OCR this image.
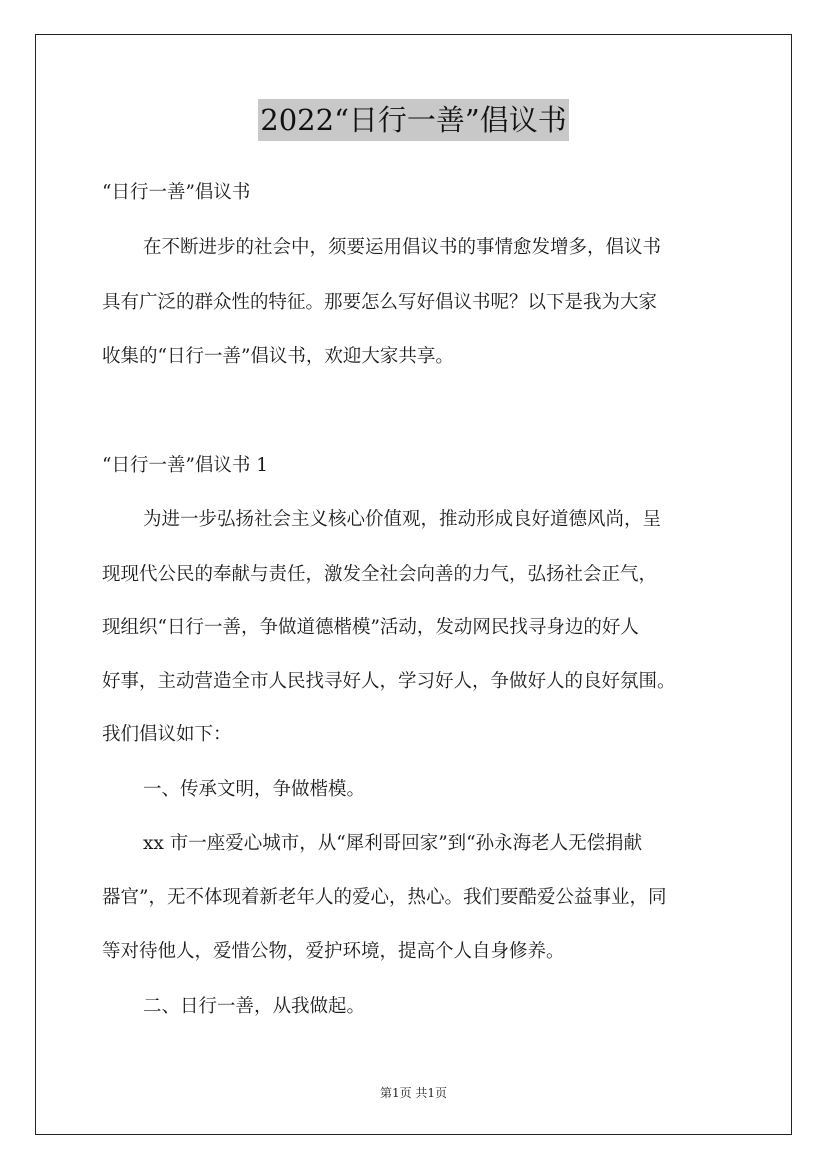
2022“日行一善”倡议书
“日行一善”倡议书
在不断进步的社会中，须要运用倡议书的事情愈发增多，倡议书
具有广泛的群众性的特征。那要怎么写好倡议书呢？以下是我为大家
收集的“日行一善”倡议书，欢迎大家共享。
“日行一善”倡议书 1
为进一步弘扬社会主义核心价值观，推动形成良好道德风尚，呈
现现代公民的奉献与责任，激发全社会向善的力气，弘扬社会正气，
现组织“日行一善，争做道德楷模”活动，发动网民找寻身边的好人
好事，主动营造全市人民找寻好人，学习好人，争做好人的良好氛围。
我们倡议如下：
一、传承文明，争做楷模。
xx 市一座爱心城市，从“犀利哥回家”到“孙永海老人无偿捐献
器官”，无不体现着新老年人的爱心，热心。我们要酷爱公益事业，同
等对待他人，爱惜公物，爱护环境，提高个人自身修养。
二、日行一善，从我做起。
第1页 共1页
